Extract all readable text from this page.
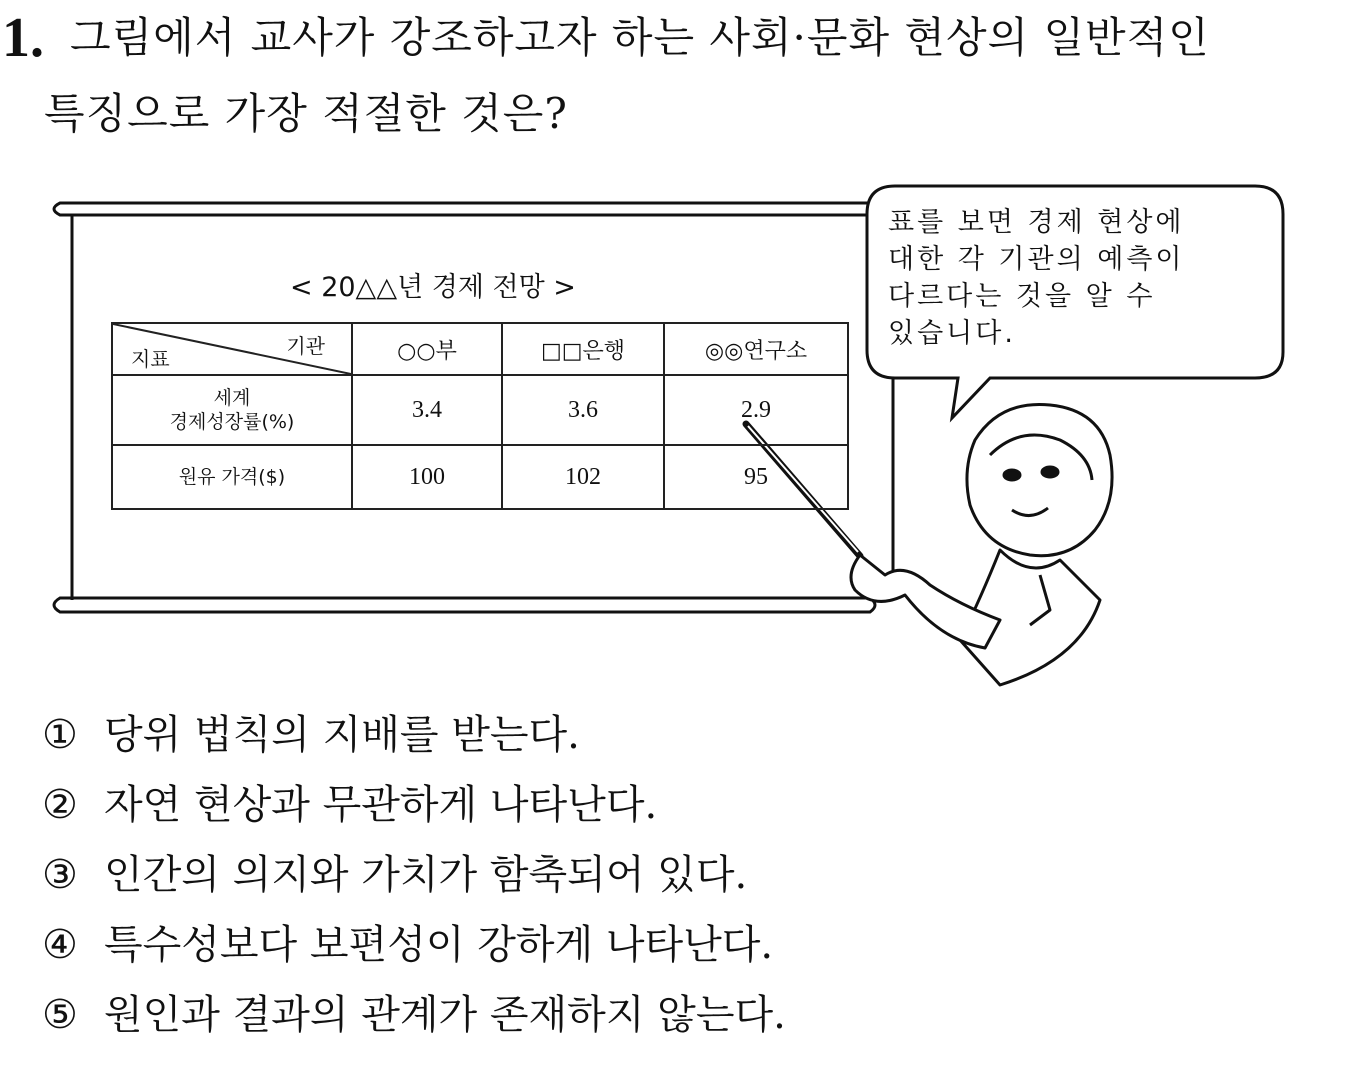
1. 그림에서 교사가 강조하고자 하는 사회·문화 현상의 일반적인
특징으로 가장 적절한 것은?
< 20△△년 경제 전망 >
기관
지표	○○부	□□은행	◎◎연구소
세계
경제성장률(%)	3.4	3.6	2.9
원유 가격($)	100	102	95
표를 보면 경제 현상에
대한 각 기관의 예측이
다르다는 것을 알 수
있습니다.
① 당위 법칙의 지배를 받는다.
② 자연 현상과 무관하게 나타난다.
③ 인간의 의지와 가치가 함축되어 있다.
④ 특수성보다 보편성이 강하게 나타난다.
⑤ 원인과 결과의 관계가 존재하지 않는다.
